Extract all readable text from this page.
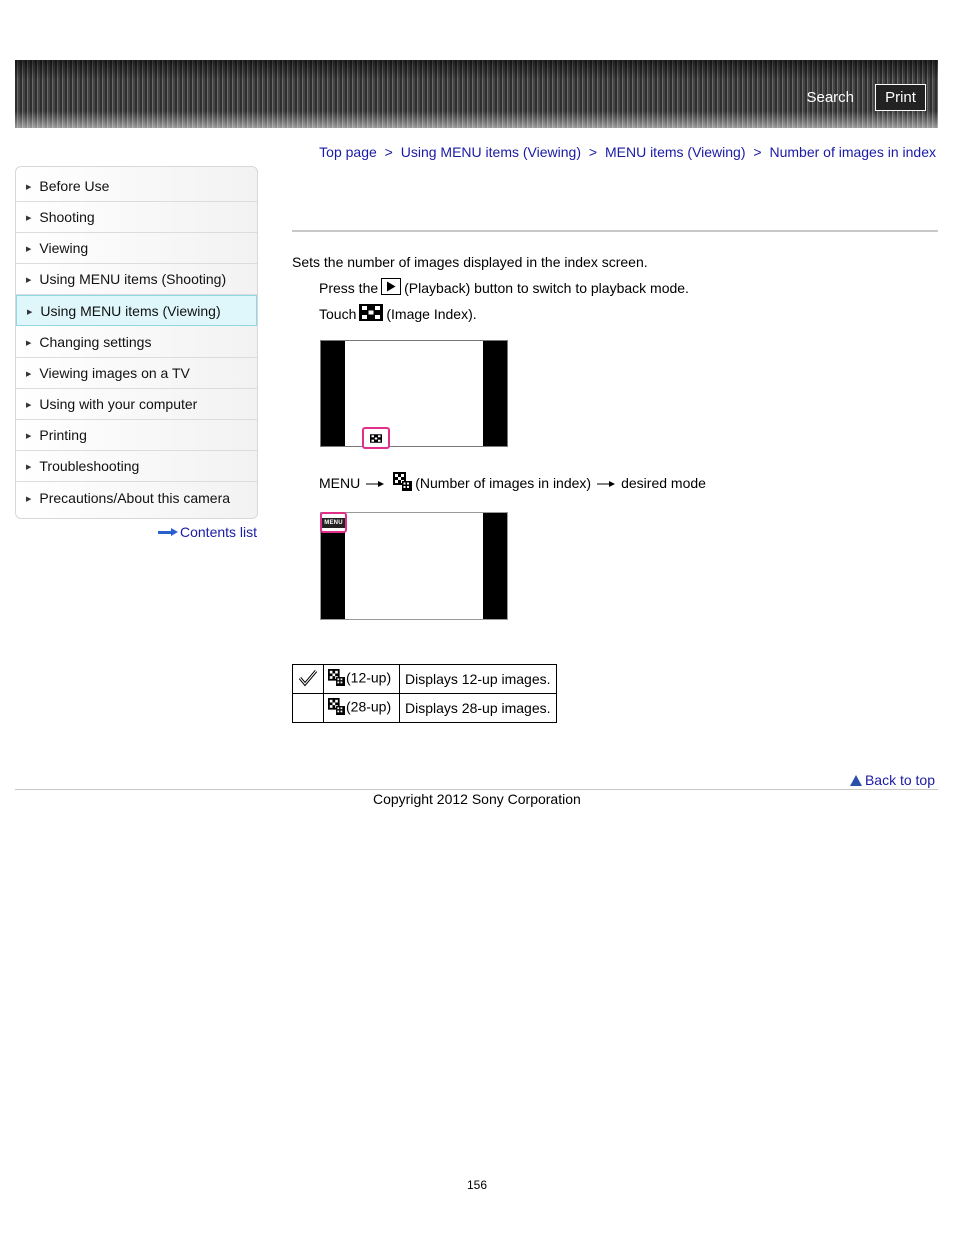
Search	Print
Top page > Using MENU items (Viewing) > MENU items (Viewing) > Number of images in index
▶ Before Use
▶ Shooting
▶ Viewing
▶ Using MENU items (Shooting)
▶ Using MENU items (Viewing)
▶ Changing settings
▶ Viewing images on a TV
▶ Using with your computer
▶ Printing
▶ Troubleshooting
▶ Precautions/About this camera
Contents list
Sets the number of images displayed in the index screen.
Press the (Playback) button to switch to playback mode.
Touch (Image Index).
MENU	(Number of images in index) desired mode
MENU
	(12-up)	Displays 12-up images.
	(28-up)	Displays 28-up images.
Back to top
Copyright 2012 Sony Corporation
156
